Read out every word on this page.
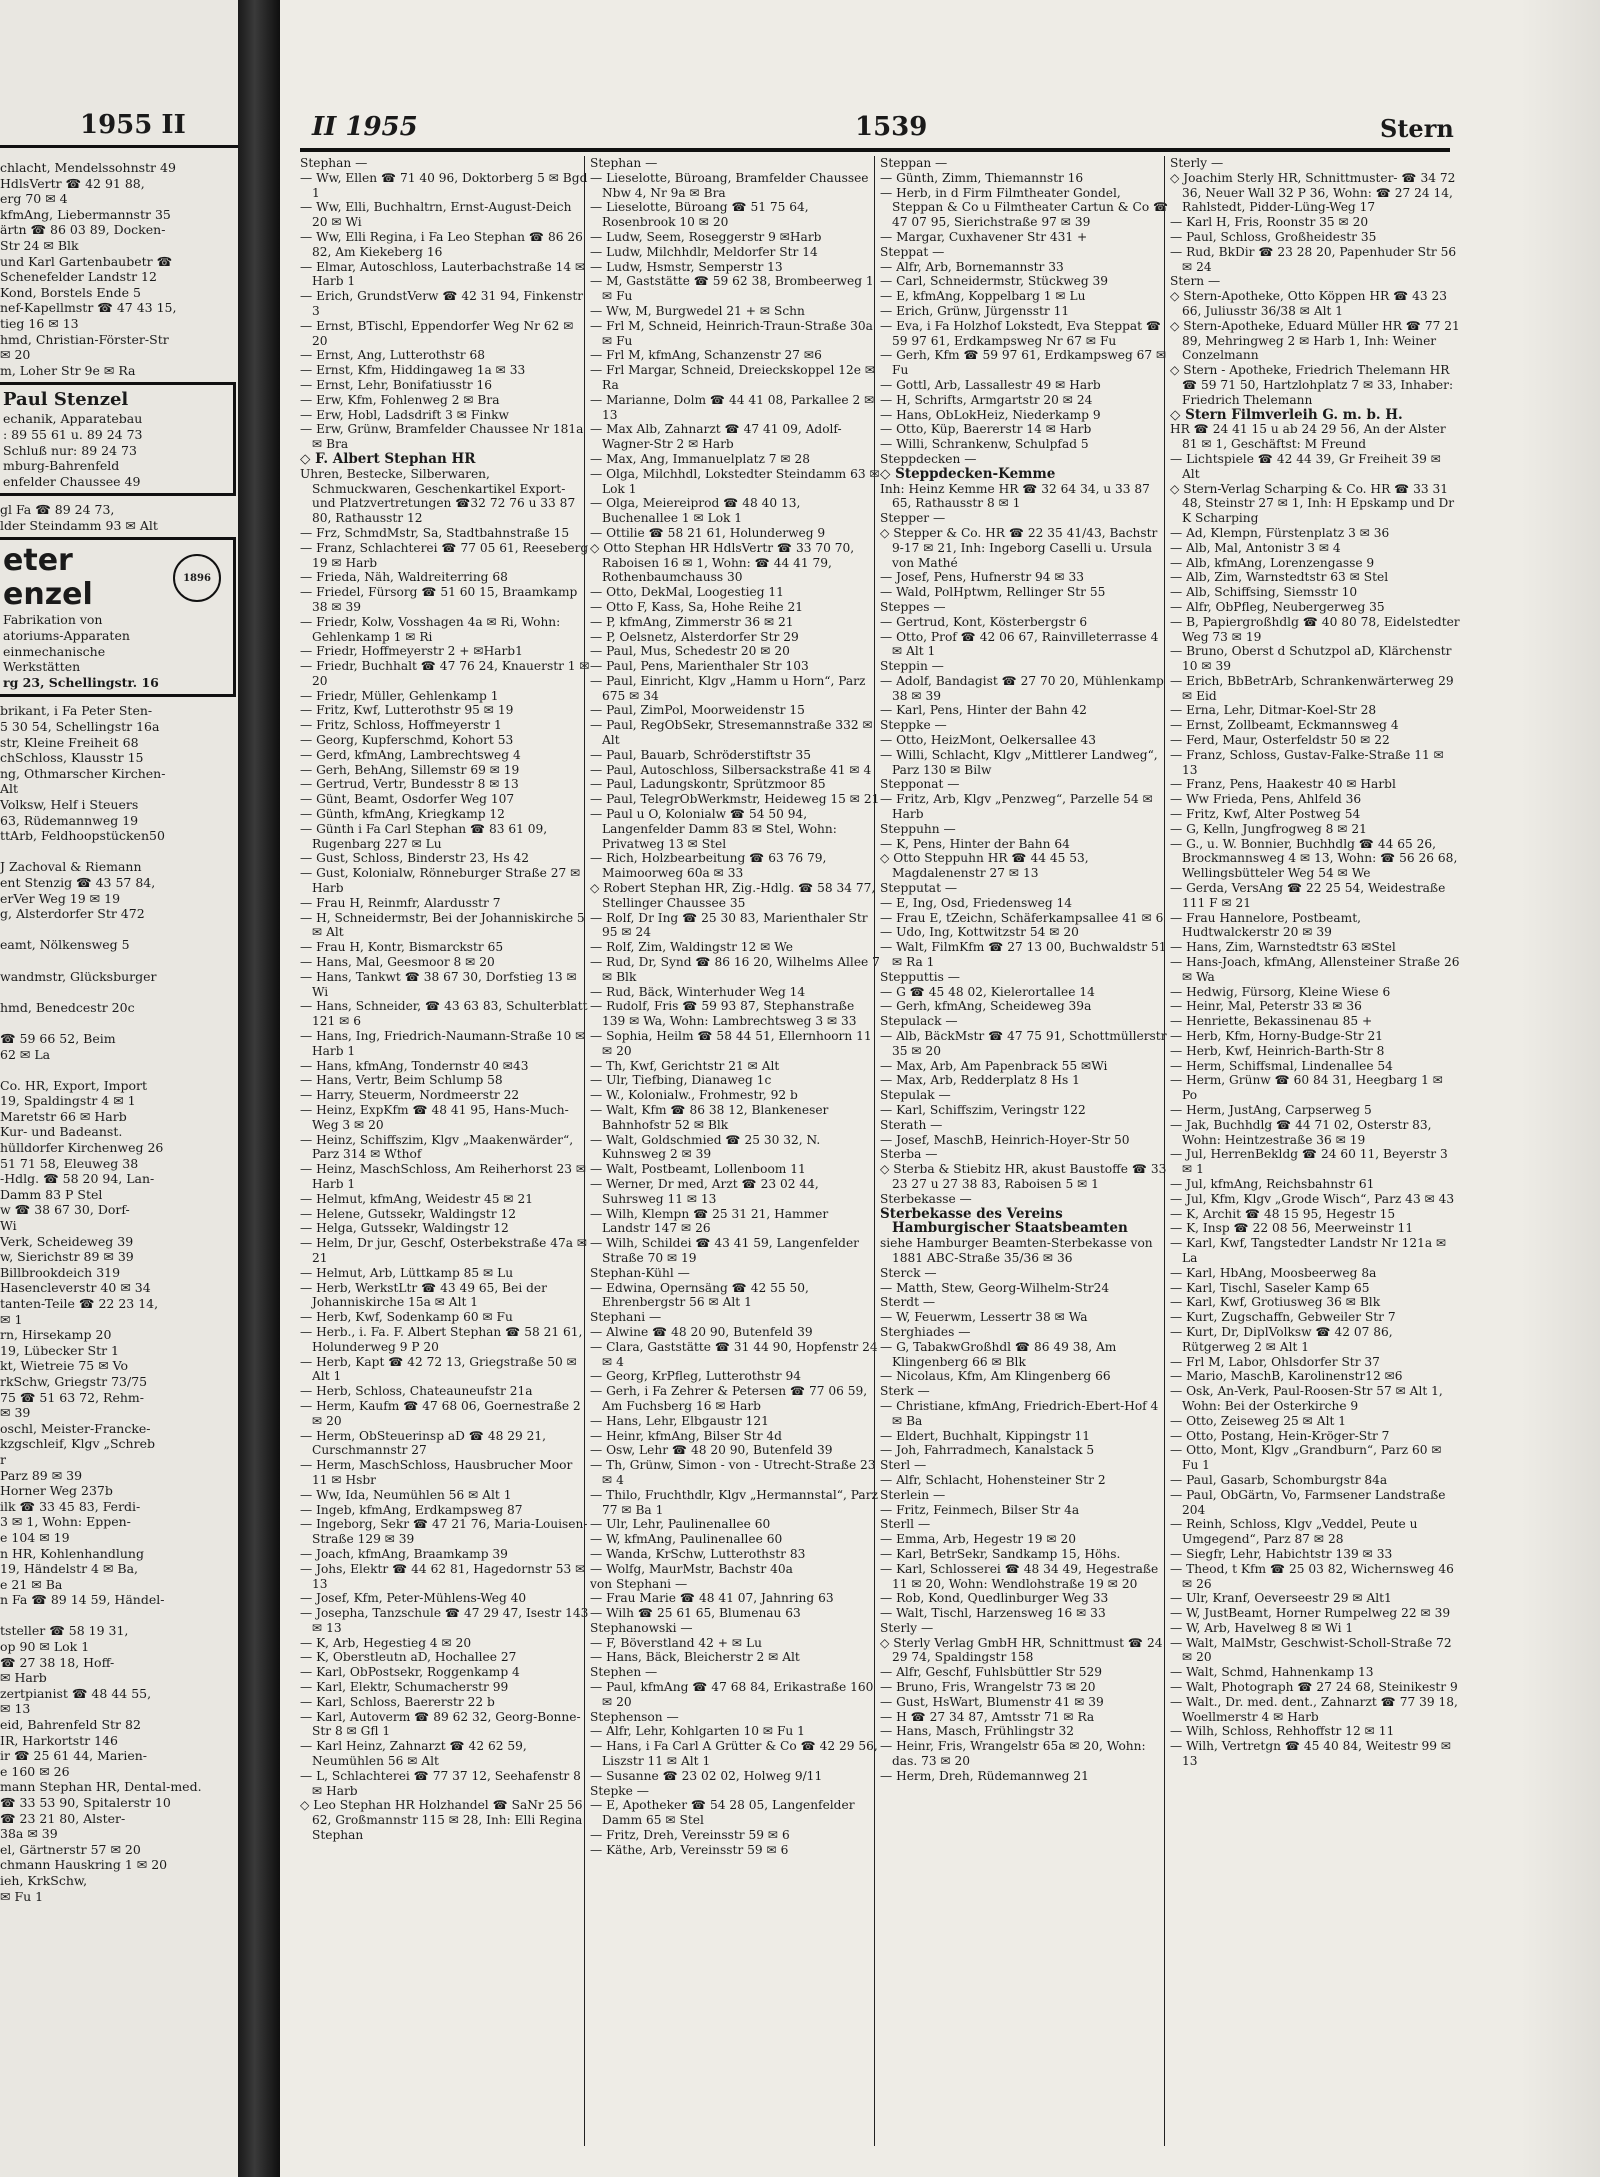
1955 II
chlacht, Mendelssohnstr 49
HdlsVertr ☎ 42 91 88,
erg 70 ✉ 4
kfmAng, Liebermannstr 35
ärtn ☎ 86 03 89, Docken-
Str 24 ✉ Blk
und Karl Gartenbaubetr ☎
Schenefelder Landstr 12
Kond, Borstels Ende 5
nef-Kapellmstr ☎ 47 43 15,
tieg 16 ✉ 13
hmd, Christian-Förster-Str
✉ 20
m, Loher Str 9e ✉ Ra
Paul Stenzel
echanik, Apparatebau
: 89 55 61 u. 89 24 73
Schluß nur: 89 24 73
mburg-Bahrenfeld
enfelder Chaussee 49
gl Fa ☎ 89 24 73,
lder Steindamm 93 ✉ Alt
eter
enzel	1896
Fabrikation von
atoriums-Apparaten
einmechanische
Werkstätten
rg 23, Schellingstr. 16
brikant, i Fa Peter Sten-
5 30 54, Schellingstr 16a
str, Kleine Freiheit 68
chSchloss, Klausstr 15
ng, Othmarscher Kirchen-
Alt
Volksw, Helf i Steuers
63, Rüdemannweg 19
ttArb, Feldhoopstücken50

J Zachoval & Riemann
ent Stenzig ☎ 43 57 84,
erVer Weg 19 ✉ 19
g, Alsterdorfer Str 472

eamt, Nölkensweg 5

wandmstr, Glücksburger

hmd, Benedcestr 20c

☎ 59 66 52, Beim
62 ✉ La

Co. HR, Export, Import
19, Spaldingstr 4 ✉ 1
Maretstr 66 ✉ Harb
Kur- und Badeanst.
hülldorfer Kirchenweg 26
51 71 58, Eleuweg 38
-Hdlg. ☎ 58 20 94, Lan-
Damm 83 P Stel
w ☎ 38 67 30, Dorf-
Wi
Verk, Scheideweg 39
w, Sierichstr 89 ✉ 39
Billbrookdeich 319
Hasencleverstr 40 ✉ 34
tanten-Teile ☎ 22 23 14,
✉ 1
rn, Hirsekamp 20
19, Lübecker Str 1
kt, Wietreie 75 ✉ Vo
rkSchw, Griegstr 73/75
75 ☎ 51 63 72, Rehm-
✉ 39
oschl, Meister-Francke-
kzgschleif, Klgv „Schreb
r
Parz 89 ✉ 39
Horner Weg 237b
ilk ☎ 33 45 83, Ferdi-
3 ✉ 1, Wohn: Eppen-
e 104 ✉ 19
n HR, Kohlenhandlung
19, Händelstr 4 ✉ Ba,
e 21 ✉ Ba
n Fa ☎ 89 14 59, Händel-

tsteller ☎ 58 19 31,
op 90 ✉ Lok 1
☎ 27 38 18, Hoff-
✉ Harb
zertpianist ☎ 48 44 55,
✉ 13
eid, Bahrenfeld Str 82
IR, Harkortstr 146
ir ☎ 25 61 44, Marien-
e 160 ✉ 26
mann Stephan HR, Dental-med.
☎ 33 53 90, Spitalerstr 10
☎ 23 21 80, Alster-
38a ✉ 39
el, Gärtnerstr 57 ✉ 20
chmann Hauskring 1 ✉ 20
ieh, KrkSchw,
✉ Fu 1
II 1955	1539	Stern

Stephan —

— Ww, Ellen ☎ 71 40 96, Doktorberg 5 ✉ Bgd 1

— Ww, Elli, Buchhaltrn, Ernst-August-Deich 20 ✉ Wi

— Ww, Elli Regina, i Fa Leo Stephan ☎ 86 26 82, Am Kiekeberg 16

— Elmar, Autoschloss, Lauterbachstraße 14 ✉ Harb 1

— Erich, GrundstVerw ☎ 42 31 94, Finkenstr 3

— Ernst, BTischl, Eppendorfer Weg Nr 62 ✉ 20

— Ernst, Ang, Lutterothstr 68

— Ernst, Kfm, Hiddingaweg 1a ✉ 33

— Ernst, Lehr, Bonifatiusstr 16

— Erw, Kfm, Fohlenweg 2 ✉ Bra

— Erw, Hobl, Ladsdrift 3 ✉ Finkw

— Erw, Grünw, Bramfelder Chaussee Nr 181a ✉ Bra

◇ F. Albert Stephan HR

Uhren, Bestecke, Silberwaren, Schmuckwaren, Geschenkartikel Export- und Platzvertretungen ☎32 72 76 u 33 87 80, Rathausstr 12

— Frz, SchmdMstr, Sa, Stadtbahnstraße 15

— Franz, Schlachterei ☎ 77 05 61, Reeseberg 19 ✉ Harb

— Frieda, Näh, Waldreiterring 68

— Friedel, Fürsorg ☎ 51 60 15, Braamkamp 38 ✉ 39

— Friedr, Kolw, Vosshagen 4a ✉ Ri, Wohn: Gehlenkamp 1 ✉ Ri

— Friedr, Hoffmeyerstr 2 + ✉Harb1

— Friedr, Buchhalt ☎ 47 76 24, Knauerstr 1 ✉ 20

— Friedr, Müller, Gehlenkamp 1

— Fritz, Kwf, Lutterothstr 95 ✉ 19

— Fritz, Schloss, Hoffmeyerstr 1

— Georg, Kupferschmd, Kohort 53

— Gerd, kfmAng, Lambrechtsweg 4

— Gerh, BehAng, Sillemstr 69 ✉ 19

— Gertrud, Vertr, Bundesstr 8 ✉ 13

— Günt, Beamt, Osdorfer Weg 107

— Günth, kfmAng, Kriegkamp 12

— Günth i Fa Carl Stephan ☎ 83 61 09, Rugenbarg 227 ✉ Lu

— Gust, Schloss, Binderstr 23, Hs 42

— Gust, Kolonialw, Rönneburger Straße 27 ✉ Harb

— Frau H, Reinmfr, Alardusstr 7

— H, Schneidermstr, Bei der Johanniskirche 5 ✉ Alt

— Frau H, Kontr, Bismarckstr 65

— Hans, Mal, Geesmoor 8 ✉ 20

— Hans, Tankwt ☎ 38 67 30, Dorfstieg 13 ✉ Wi

— Hans, Schneider, ☎ 43 63 83, Schulterblatt 121 ✉ 6

— Hans, Ing, Friedrich-Naumann-Straße 10 ✉ Harb 1

— Hans, kfmAng, Tondernstr 40 ✉43

— Hans, Vertr, Beim Schlump 58

— Harry, Steuerm, Nordmeerstr 22

— Heinz, ExpKfm ☎ 48 41 95, Hans-Much-Weg 3 ✉ 20

— Heinz, Schiffszim, Klgv „Maakenwärder“, Parz 314 ✉ Wthof

— Heinz, MaschSchloss, Am Reiherhorst 23 ✉ Harb 1

— Helmut, kfmAng, Weidestr 45 ✉ 21

— Helene, Gutssekr, Waldingstr 12

— Helga, Gutssekr, Waldingstr 12

— Helm, Dr jur, Geschf, Osterbekstraße 47a ✉ 21

— Helmut, Arb, Lüttkamp 85 ✉ Lu

— Herb, WerkstLtr ☎ 43 49 65, Bei der Johanniskirche 15a ✉ Alt 1

— Herb, Kwf, Sodenkamp 60 ✉ Fu

— Herb., i. Fa. F. Albert Stephan ☎ 58 21 61, Holunderweg 9 P 20

— Herb, Kapt ☎ 42 72 13, Griegstraße 50 ✉ Alt 1

— Herb, Schloss, Chateauneufstr 21a

— Herm, Kaufm ☎ 47 68 06, Goernestraße 2 ✉ 20

— Herm, ObSteuerinsp aD ☎ 48 29 21, Curschmannstr 27

— Herm, MaschSchloss, Hausbrucher Moor 11 ✉ Hsbr

— Ww, Ida, Neumühlen 56 ✉ Alt 1

— Ingeb, kfmAng, Erdkampsweg 87

— Ingeborg, Sekr ☎ 47 21 76, Maria-Louisen-Straße 129 ✉ 39

— Joach, kfmAng, Braamkamp 39

— Johs, Elektr ☎ 44 62 81, Hagedornstr 53 ✉ 13

— Josef, Kfm, Peter-Mühlens-Weg 40

— Josepha, Tanzschule ☎ 47 29 47, Isestr 143 ✉ 13

— K, Arb, Hegestieg 4 ✉ 20

— K, Oberstleutn aD, Hochallee 27

— Karl, ObPostsekr, Roggenkamp 4

— Karl, Elektr, Schumacherstr 99

— Karl, Schloss, Baererstr 22 b

— Karl, Autoverm ☎ 89 62 32, Georg-Bonne-Str 8 ✉ Gfl 1

— Karl Heinz, Zahnarzt ☎ 42 62 59, Neumühlen 56 ✉ Alt

— L, Schlachterei ☎ 77 37 12, Seehafenstr 8 ✉ Harb

◇ Leo Stephan HR Holzhandel ☎ SaNr 25 56 62, Großmannstr 115 ✉ 28, Inh: Elli Regina Stephan

Stephan —

— Lieselotte, Büroang, Bramfelder Chaussee Nbw 4, Nr 9a ✉ Bra

— Lieselotte, Büroang ☎ 51 75 64, Rosenbrook 10 ✉ 20

— Ludw, Seem, Roseggerstr 9 ✉Harb

— Ludw, Milchhdlr, Meldorfer Str 14

— Ludw, Hsmstr, Semperstr 13

— M, Gaststätte ☎ 59 62 38, Brombeerweg 1 ✉ Fu

— Ww, M, Burgwedel 21 + ✉ Schn

— Frl M, Schneid, Heinrich-Traun-Straße 30a ✉ Fu

— Frl M, kfmAng, Schanzenstr 27 ✉6

— Frl Margar, Schneid, Dreieckskoppel 12e ✉ Ra

— Marianne, Dolm ☎ 44 41 08, Parkallee 2 ✉ 13

— Max Alb, Zahnarzt ☎ 47 41 09, Adolf-Wagner-Str 2 ✉ Harb

— Max, Ang, Immanuelplatz 7 ✉ 28

— Olga, Milchhdl, Lokstedter Steindamm 63 ✉ Lok 1

— Olga, Meiereiprod ☎ 48 40 13, Buchenallee 1 ✉ Lok 1

— Ottilie ☎ 58 21 61, Holunderweg 9

◇ Otto Stephan HR HdlsVertr ☎ 33 70 70, Raboisen 16 ✉ 1, Wohn: ☎ 44 41 79, Rothenbaumchauss 30

— Otto, DekMal, Loogestieg 11

— Otto F, Kass, Sa, Hohe Reihe 21

— P, kfmAng, Zimmerstr 36 ✉ 21

— P, Oelsnetz, Alsterdorfer Str 29

— Paul, Mus, Schedestr 20 ✉ 20

— Paul, Pens, Marienthaler Str 103

— Paul, Einricht, Klgv „Hamm u Horn“, Parz 675 ✉ 34

— Paul, ZimPol, Moorweidenstr 15

— Paul, RegObSekr, Stresemannstraße 332 ✉ Alt

— Paul, Bauarb, Schröderstiftstr 35

— Paul, Autoschloss, Silbersackstraße 41 ✉ 4

— Paul, Ladungskontr, Sprützmoor 85

— Paul, TelegrObWerkmstr, Heideweg 15 ✉ 21

— Paul u O, Kolonialw ☎ 54 50 94, Langenfelder Damm 83 ✉ Stel, Wohn: Privatweg 13 ✉ Stel

— Rich, Holzbearbeitung ☎ 63 76 79, Maimoorweg 60a ✉ 33

◇ Robert Stephan HR, Zig.-Hdlg. ☎ 58 34 77, Stellinger Chaussee 35

— Rolf, Dr Ing ☎ 25 30 83, Marienthaler Str 95 ✉ 24

— Rolf, Zim, Waldingstr 12 ✉ We

— Rud, Dr, Synd ☎ 86 16 20, Wilhelms Allee 7 ✉ Blk

— Rud, Bäck, Winterhuder Weg 14

— Rudolf, Fris ☎ 59 93 87, Stephanstraße 139 ✉ Wa, Wohn: Lambrechtsweg 3 ✉ 33

— Sophia, Heilm ☎ 58 44 51, Ellernhoorn 11 ✉ 20

— Th, Kwf, Gerichtstr 21 ✉ Alt

— Ulr, Tiefbing, Dianaweg 1c

— W., Kolonialw., Frohmestr, 92 b

— Walt, Kfm ☎ 86 38 12, Blankeneser Bahnhofstr 52 ✉ Blk

— Walt, Goldschmied ☎ 25 30 32, N. Kuhnsweg 2 ✉ 39

— Walt, Postbeamt, Lollenboom 11

— Werner, Dr med, Arzt ☎ 23 02 44, Suhrsweg 11 ✉ 13

— Wilh, Klempn ☎ 25 31 21, Hammer Landstr 147 ✉ 26

— Wilh, Schildei ☎ 43 41 59, Langenfelder Straße 70 ✉ 19

Stephan-Kühl —

— Edwina, Opernsäng ☎ 42 55 50, Ehrenbergstr 56 ✉ Alt 1

Stephani —

— Alwine ☎ 48 20 90, Butenfeld 39

— Clara, Gaststätte ☎ 31 44 90, Hopfenstr 24 ✉ 4

— Georg, KrPfleg, Lutterothstr 94

— Gerh, i Fa Zehrer & Petersen ☎ 77 06 59, Am Fuchsberg 16 ✉ Harb

— Hans, Lehr, Elbgaustr 121

— Heinr, kfmAng, Bilser Str 4d

— Osw, Lehr ☎ 48 20 90, Butenfeld 39

— Th, Grünw, Simon - von - Utrecht-Straße 23 ✉ 4

— Thilo, Fruchthdlr, Klgv „Hermannstal“, Parz 77 ✉ Ba 1

— Ulr, Lehr, Paulinenallee 60

— W, kfmAng, Paulinenallee 60

— Wanda, KrSchw, Lutterothstr 83

— Wolfg, MaurMstr, Bachstr 40a

von Stephani —

— Frau Marie ☎ 48 41 07, Jahnring 63

— Wilh ☎ 25 61 65, Blumenau 63

Stephanowski —

— F, Böverstland 42 + ✉ Lu

— Hans, Bäck, Bleicherstr 2 ✉ Alt

Stephen —

— Paul, kfmAng ☎ 47 68 84, Erikastraße 160 ✉ 20

Stephenson —

— Alfr, Lehr, Kohlgarten 10 ✉ Fu 1

— Hans, i Fa Carl A Grütter & Co ☎ 42 29 56, Liszstr 11 ✉ Alt 1

— Susanne ☎ 23 02 02, Holweg 9/11

Stepke —

— E, Apotheker ☎ 54 28 05, Langenfelder Damm 65 ✉ Stel

— Fritz, Dreh, Vereinsstr 59 ✉ 6

— Käthe, Arb, Vereinsstr 59 ✉ 6

Steppan —

— Günth, Zimm, Thiemannstr 16

— Herb, in d Firm Filmtheater Gondel, Steppan & Co u Filmtheater Cartun & Co ☎ 47 07 95, Sierichstraße 97 ✉ 39

— Margar, Cuxhavener Str 431 +

Steppat —

— Alfr, Arb, Bornemannstr 33

— Carl, Schneidermstr, Stückweg 39

— E, kfmAng, Koppelbarg 1 ✉ Lu

— Erich, Grünw, Jürgensstr 11

— Eva, i Fa Holzhof Lokstedt, Eva Steppat ☎ 59 97 61, Erdkampsweg Nr 67 ✉ Fu

— Gerh, Kfm ☎ 59 97 61, Erdkampsweg 67 ✉ Fu

— Gottl, Arb, Lassallestr 49 ✉ Harb

— H, Schrifts, Armgartstr 20 ✉ 24

— Hans, ObLokHeiz, Niederkamp 9

— Otto, Küp, Baererstr 14 ✉ Harb

— Willi, Schrankenw, Schulpfad 5

Steppdecken —

◇ Steppdecken-Kemme

Inh: Heinz Kemme HR ☎ 32 64 34, u 33 87 65, Rathausstr 8 ✉ 1

Stepper —

◇ Stepper & Co. HR ☎ 22 35 41/43, Bachstr 9-17 ✉ 21, Inh: Ingeborg Caselli u. Ursula von Mathé

— Josef, Pens, Hufnerstr 94 ✉ 33

— Wald, PolHptwm, Rellinger Str 55

Steppes —

— Gertrud, Kont, Kösterbergstr 6

— Otto, Prof ☎ 42 06 67, Rainvilleterrasse 4 ✉ Alt 1

Steppin —

— Adolf, Bandagist ☎ 27 70 20, Mühlenkamp 38 ✉ 39

— Karl, Pens, Hinter der Bahn 42

Steppke —

— Otto, HeizMont, Oelkersallee 43

— Willi, Schlacht, Klgv „Mittlerer Landweg“, Parz 130 ✉ Bilw

Stepponat —

— Fritz, Arb, Klgv „Penzweg“, Parzelle 54 ✉ Harb

Steppuhn —

— K, Pens, Hinter der Bahn 64

◇ Otto Steppuhn HR ☎ 44 45 53, Magdalenenstr 27 ✉ 13

Stepputat —

— E, Ing, Osd, Friedensweg 14

— Frau E, tZeichn, Schäferkampsallee 41 ✉ 6

— Udo, Ing, Kottwitzstr 54 ✉ 20

— Walt, FilmKfm ☎ 27 13 00, Buchwaldstr 51 ✉ Ra 1

Stepputtis —

— G ☎ 45 48 02, Kielerortallee 14

— Gerh, kfmAng, Scheideweg 39a

Stepulack —

— Alb, BäckMstr ☎ 47 75 91, Schottmüllerstr 35 ✉ 20

— Max, Arb, Am Papenbrack 55 ✉Wi

— Max, Arb, Redderplatz 8 Hs 1

Stepulak —

— Karl, Schiffszim, Veringstr 122

Sterath —

— Josef, MaschB, Heinrich-Hoyer-Str 50

Sterba —

◇ Sterba & Stiebitz HR, akust Baustoffe ☎ 33 23 27 u 27 38 83, Raboisen 5 ✉ 1

Sterbekasse —

Sterbekasse des Vereins Hamburgischer Staatsbeamten

siehe Hamburger Beamten-Sterbekasse von 1881 ABC-Straße 35/36 ✉ 36

Sterck —

— Matth, Stew, Georg-Wilhelm-Str24

Sterdt —

— W, Feuerwm, Lessertr 38 ✉ Wa

Sterghiades —

— G, TabakwGroßhdl ☎ 86 49 38, Am Klingenberg 66 ✉ Blk

— Nicolaus, Kfm, Am Klingenberg 66

Sterk —

— Christiane, kfmAng, Friedrich-Ebert-Hof 4 ✉ Ba

— Eldert, Buchhalt, Kippingstr 11

— Joh, Fahrradmech, Kanalstack 5

Sterl —

— Alfr, Schlacht, Hohensteiner Str 2

Sterlein —

— Fritz, Feinmech, Bilser Str 4a

Sterll —

— Emma, Arb, Hegestr 19 ✉ 20

— Karl, BetrSekr, Sandkamp 15, Höhs.

— Karl, Schlosserei ☎ 48 34 49, Hegestraße 11 ✉ 20, Wohn: Wendlohstraße 19 ✉ 20

— Rob, Kond, Quedlinburger Weg 33

— Walt, Tischl, Harzensweg 16 ✉ 33

Sterly —

◇ Sterly Verlag GmbH HR, Schnittmust ☎ 24 29 74, Spaldingstr 158

— Alfr, Geschf, Fuhlsbüttler Str 529

— Bruno, Fris, Wrangelstr 73 ✉ 20

— Gust, HsWart, Blumenstr 41 ✉ 39

— H ☎ 27 34 87, Amtsstr 71 ✉ Ra

— Hans, Masch, Frühlingstr 32

— Heinr, Fris, Wrangelstr 65a ✉ 20, Wohn: das. 73 ✉ 20

— Herm, Dreh, Rüdemannweg 21

Sterly —

◇ Joachim Sterly HR, Schnittmuster- ☎ 34 72 36, Neuer Wall 32 P 36, Wohn: ☎ 27 24 14, Rahlstedt, Pidder-Lüng-Weg 17

— Karl H, Fris, Roonstr 35 ✉ 20

— Paul, Schloss, Großheidestr 35

— Rud, BkDir ☎ 23 28 20, Papenhuder Str 56 ✉ 24

Stern —

◇ Stern-Apotheke, Otto Köppen HR ☎ 43 23 66, Juliusstr 36/38 ✉ Alt 1

◇ Stern-Apotheke, Eduard Müller HR ☎ 77 21 89, Mehringweg 2 ✉ Harb 1, Inh: Weiner Conzelmann

◇ Stern - Apotheke, Friedrich Thelemann HR ☎ 59 71 50, Hartzlohplatz 7 ✉ 33, Inhaber: Friedrich Thelemann

◇ Stern Filmverleih G. m. b. H.

HR ☎ 24 41 15 u ab 24 29 56, An der Alster 81 ✉ 1, Geschäftst: M Freund

— Lichtspiele ☎ 42 44 39, Gr Freiheit 39 ✉ Alt

◇ Stern-Verlag Scharping & Co. HR ☎ 33 31 48, Steinstr 27 ✉ 1, Inh: H Epskamp und Dr K Scharping

— Ad, Klempn, Fürstenplatz 3 ✉ 36

— Alb, Mal, Antonistr 3 ✉ 4

— Alb, kfmAng, Lorenzengasse 9

— Alb, Zim, Warnstedtstr 63 ✉ Stel

— Alb, Schiffsing, Siemsstr 10

— Alfr, ObPfleg, Neubergerweg 35

— B, Papiergroßhdlg ☎ 40 80 78, Eidelstedter Weg 73 ✉ 19

— Bruno, Oberst d Schutzpol aD, Klärchenstr 10 ✉ 39

— Erich, BbBetrArb, Schrankenwärterweg 29 ✉ Eid

— Erna, Lehr, Ditmar-Koel-Str 28

— Ernst, Zollbeamt, Eckmannsweg 4

— Ferd, Maur, Osterfeldstr 50 ✉ 22

— Franz, Schloss, Gustav-Falke-Straße 11 ✉ 13

— Franz, Pens, Haakestr 40 ✉ Harbl

— Ww Frieda, Pens, Ahlfeld 36

— Fritz, Kwf, Alter Postweg 54

— G, Kelln, Jungfrogweg 8 ✉ 21

— G., u. W. Bonnier, Buchhdlg ☎ 44 65 26, Brockmannsweg 4 ✉ 13, Wohn: ☎ 56 26 68, Wellingsbütteler Weg 54 ✉ We

— Gerda, VersAng ☎ 22 25 54, Weidestraße 111 F ✉ 21

— Frau Hannelore, Postbeamt, Hudtwalckerstr 20 ✉ 39

— Hans, Zim, Warnstedtstr 63 ✉Stel

— Hans-Joach, kfmAng, Allensteiner Straße 26 ✉ Wa

— Hedwig, Fürsorg, Kleine Wiese 6

— Heinr, Mal, Peterstr 33 ✉ 36

— Henriette, Bekassinenau 85 +

— Herb, Kfm, Horny-Budge-Str 21

— Herb, Kwf, Heinrich-Barth-Str 8

— Herm, Schiffsmal, Lindenallee 54

— Herm, Grünw ☎ 60 84 31, Heegbarg 1 ✉ Po

— Herm, JustAng, Carpserweg 5

— Jak, Buchhdlg ☎ 44 71 02, Osterstr 83, Wohn: Heintzestraße 36 ✉ 19

— Jul, HerrenBekldg ☎ 24 60 11, Beyerstr 3 ✉ 1

— Jul, kfmAng, Reichsbahnstr 61

— Jul, Kfm, Klgv „Grode Wisch“, Parz 43 ✉ 43

— K, Archit ☎ 48 15 95, Hegestr 15

— K, Insp ☎ 22 08 56, Meerweinstr 11

— Karl, Kwf, Tangstedter Landstr Nr 121a ✉ La

— Karl, HbAng, Moosbeerweg 8a

— Karl, Tischl, Saseler Kamp 65

— Karl, Kwf, Grotiusweg 36 ✉ Blk

— Kurt, Zugschaffn, Gebweiler Str 7

— Kurt, Dr, DiplVolksw ☎ 42 07 86, Rütgerweg 2 ✉ Alt 1

— Frl M, Labor, Ohlsdorfer Str 37

— Mario, MaschB, Karolinenstr12 ✉6

— Osk, An-Verk, Paul-Roosen-Str 57 ✉ Alt 1, Wohn: Bei der Osterkirche 9

— Otto, Zeiseweg 25 ✉ Alt 1

— Otto, Postang, Hein-Kröger-Str 7

— Otto, Mont, Klgv „Grandburn“, Parz 60 ✉ Fu 1

— Paul, Gasarb, Schomburgstr 84a

— Paul, ObGärtn, Vo, Farmsener Landstraße 204

— Reinh, Schloss, Klgv „Veddel, Peute u Umgegend“, Parz 87 ✉ 28

— Siegfr, Lehr, Habichtstr 139 ✉ 33

— Theod, t Kfm ☎ 25 03 82, Wichernsweg 46 ✉ 26

— Ulr, Kranf, Oeverseestr 29 ✉ Alt1

— W, JustBeamt, Horner Rumpelweg 22 ✉ 39

— W, Arb, Havelweg 8 ✉ Wi 1

— Walt, MalMstr, Geschwist-Scholl-Straße 72 ✉ 20

— Walt, Schmd, Hahnenkamp 13

— Walt, Photograph ☎ 27 24 68, Steinikestr 9

— Walt., Dr. med. dent., Zahnarzt ☎ 77 39 18, Woellmerstr 4 ✉ Harb

— Wilh, Schloss, Rehhoffstr 12 ✉ 11

— Wilh, Vertretgn ☎ 45 40 84, Weitestr 99 ✉ 13
